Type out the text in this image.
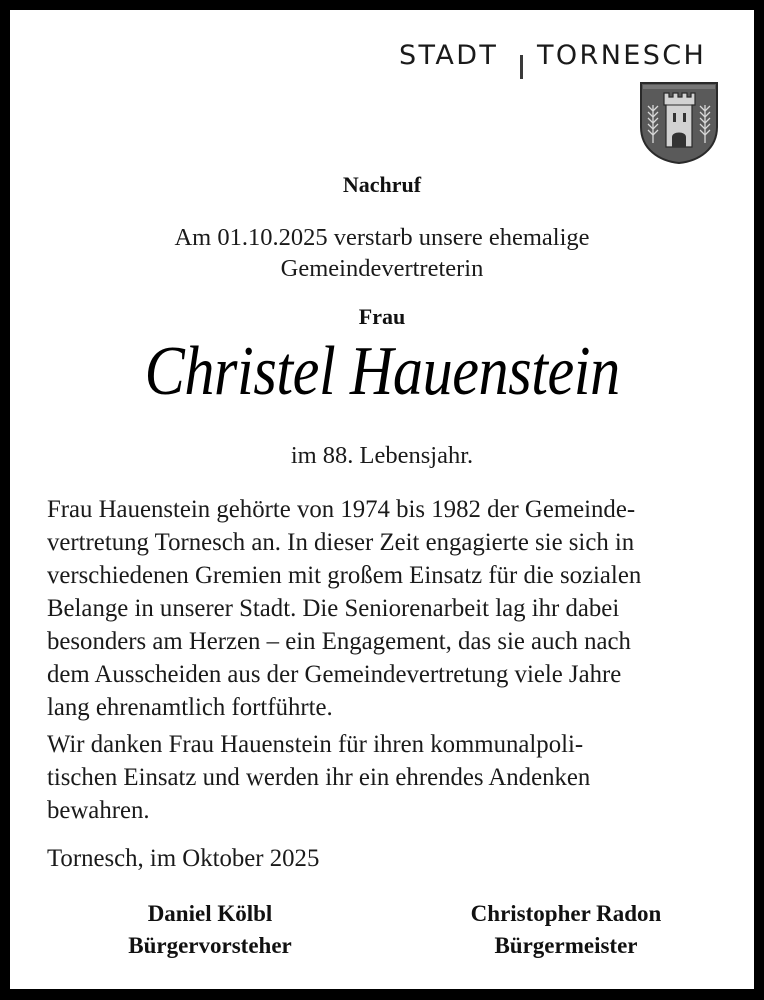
STADT TORNESCH
Nachruf
Am 01.10.2025 verstarb unsere ehemalige
Gemeindevertreterin
Frau
Christel Hauenstein
im 88. Lebensjahr.
Frau Hauenstein gehörte von 1974 bis 1982 der Gemeinde-
vertretung Tornesch an. In dieser Zeit engagierte sie sich in
verschiedenen Gremien mit großem Einsatz für die sozialen
Belange in unserer Stadt. Die Seniorenarbeit lag ihr dabei
besonders am Herzen – ein Engagement, das sie auch nach
dem Ausscheiden aus der Gemeindevertretung viele Jahre
lang ehrenamtlich fortführte.
Wir danken Frau Hauenstein für ihren kommunalpoli-
tischen Einsatz und werden ihr ein ehrendes Andenken
bewahren.
Tornesch, im Oktober 2025
Daniel Kölbl
Bürgervorsteher
Christopher Radon
Bürgermeister
